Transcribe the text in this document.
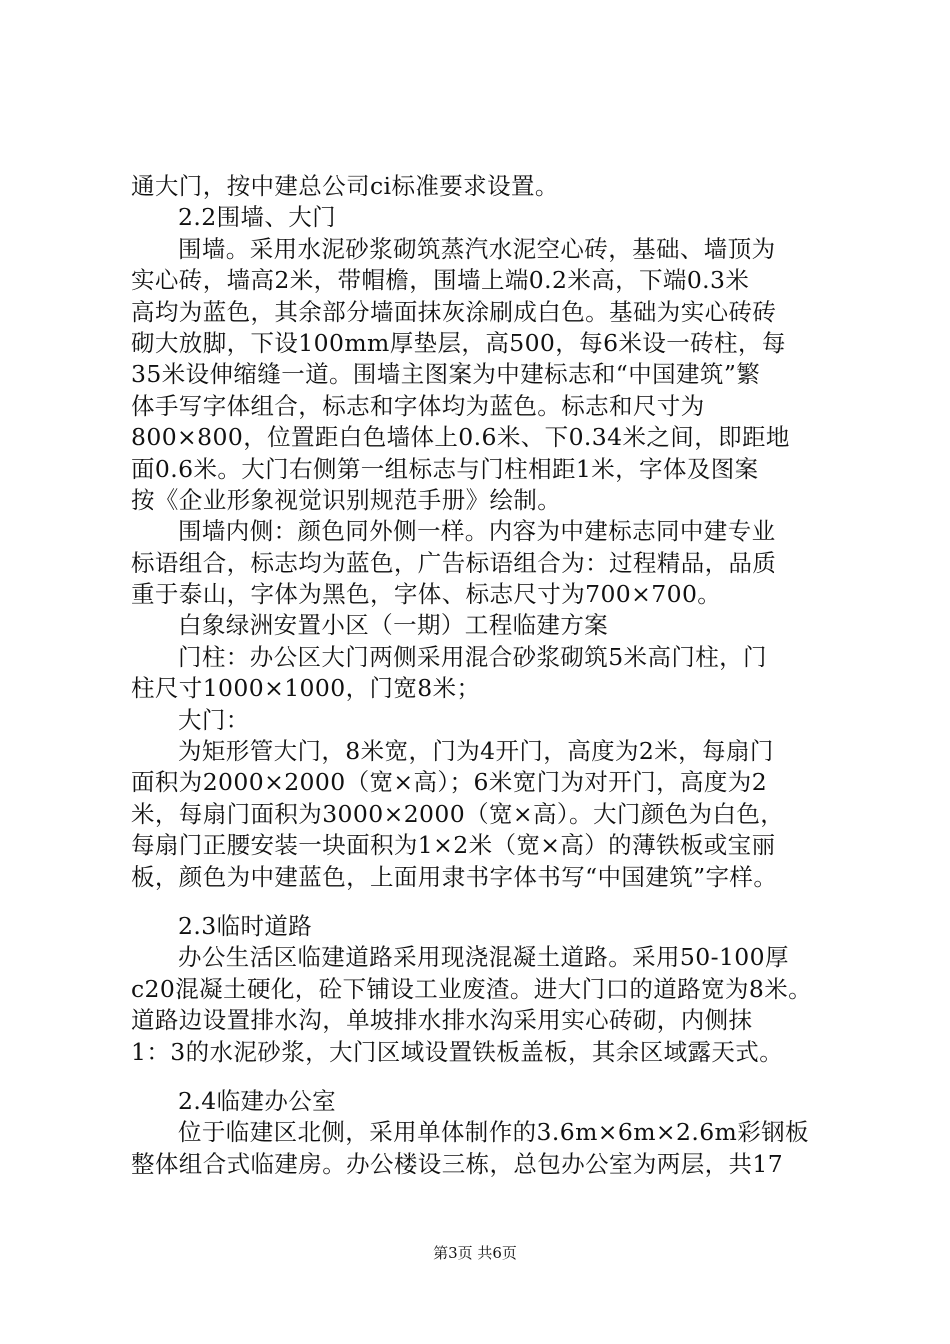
通大门，按中建总公司ci标准要求设置。
2.2围墙、大门
围墙。采用水泥砂浆砌筑蒸汽水泥空心砖，基础、墙顶为
实心砖，墙高2米，带帽檐，围墙上端0.2米高，下端0.3米
高均为蓝色，其余部分墙面抹灰涂刷成白色。基础为实心砖砖
砌大放脚，下设100mm厚垫层，高500，每6米设一砖柱，每
35米设伸缩缝一道。围墙主图案为中建标志和“中国建筑”繁
体手写字体组合，标志和字体均为蓝色。标志和尺寸为
800×800，位置距白色墙体上0.6米、下0.34米之间，即距地
面0.6米。大门右侧第一组标志与门柱相距1米，字体及图案
按《企业形象视觉识别规范手册》绘制。
围墙内侧：颜色同外侧一样。内容为中建标志同中建专业
标语组合，标志均为蓝色，广告标语组合为：过程精品，品质
重于泰山，字体为黑色，字体、标志尺寸为700×700。
白象绿洲安置小区（一期）工程临建方案
门柱：办公区大门两侧采用混合砂浆砌筑5米高门柱，门
柱尺寸1000×1000，门宽8米；
大门：
为矩形管大门，8米宽，门为4开门，高度为2米，每扇门
面积为2000×2000（宽×高）；6米宽门为对开门，高度为2
米，每扇门面积为3000×2000（宽×高）。大门颜色为白色，
每扇门正腰安装一块面积为1×2米（宽×高）的薄铁板或宝丽
板，颜色为中建蓝色，上面用隶书字体书写“中国建筑”字样。
2.3临时道路
办公生活区临建道路采用现浇混凝土道路。采用50-100厚
c20混凝土硬化，砼下铺设工业废渣。进大门口的道路宽为8米。
道路边设置排水沟，单坡排水排水沟采用实心砖砌，内侧抹
1：3的水泥砂浆，大门区域设置铁板盖板，其余区域露天式。
2.4临建办公室
位于临建区北侧，采用单体制作的3.6m×6m×2.6m彩钢板
整体组合式临建房。办公楼设三栋，总包办公室为两层，共17
第3页 共6页
